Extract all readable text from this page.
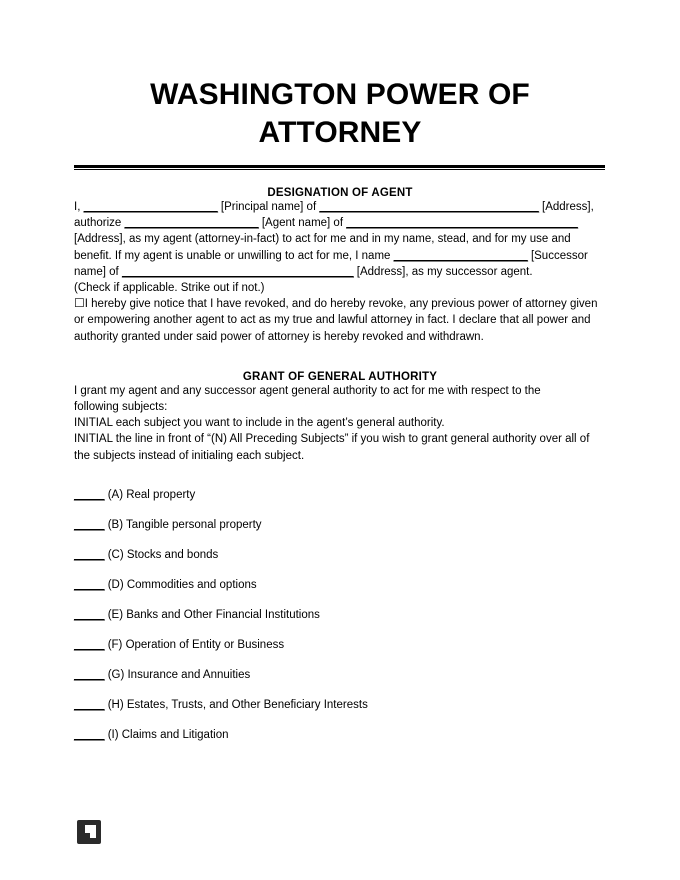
WASHINGTON POWER OF ATTORNEY
DESIGNATION OF AGENT

I, ______________________ [Principal name] of ____________________________________ [Address], authorize ______________________ [Agent name] of ______________________________________ [Address], as my agent (attorney-in-fact) to act for me and in my name, stead, and for my use and benefit. If my agent is unable or unwilling to act for me, I name ______________________ [Successor name] of ______________________________________ [Address], as my successor agent.

(Check if applicable. Strike out if not.)

☐I hereby give notice that I have revoked, and do hereby revoke, any previous power of attorney given or empowering another agent to act as my true and lawful attorney in fact. I declare that all power and authority granted under said power of attorney is hereby revoked and withdrawn.

GRANT OF GENERAL AUTHORITY

I grant my agent and any successor agent general authority to act for me with respect to the following subjects:

INITIAL each subject you want to include in the agent’s general authority.

INITIAL the line in front of “(N) All Preceding Subjects” if you wish to grant general authority over all of the subjects instead of initialing each subject.

_____ (A) Real property
_____ (B) Tangible personal property
_____ (C) Stocks and bonds
_____ (D) Commodities and options
_____ (E) Banks and Other Financial Institutions
_____ (F) Operation of Entity or Business
_____ (G) Insurance and Annuities
_____ (H) Estates, Trusts, and Other Beneficiary Interests
_____ (I) Claims and Litigation
